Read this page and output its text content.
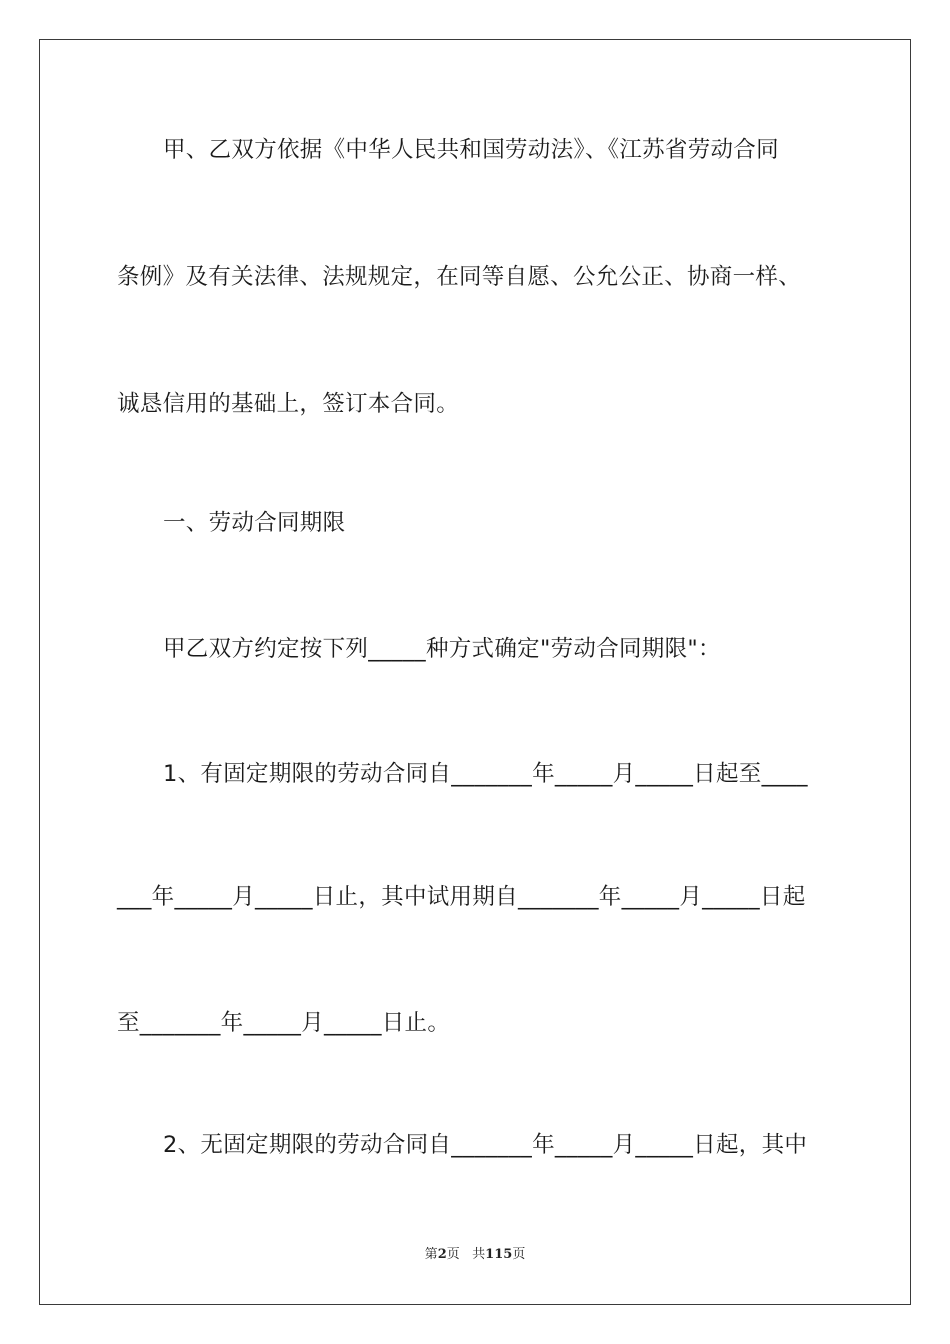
甲、乙双方依据《中华人民共和国劳动法》、《江苏省劳动合同
条例》及有关法律、法规规定，在同等自愿、公允公正、协商一样、
诚恳信用的基础上，签订本合同。
一、劳动合同期限
甲乙双方约定按下列_____种方式确定"劳动合同期限"：
1、有固定期限的劳动合同自_______年_____月_____日起至____
___年_____月_____日止，其中试用期自_______年_____月_____日起
至_______年_____月_____日止。
2、无固定期限的劳动合同自_______年_____月_____日起，其中
第2页 共115页
